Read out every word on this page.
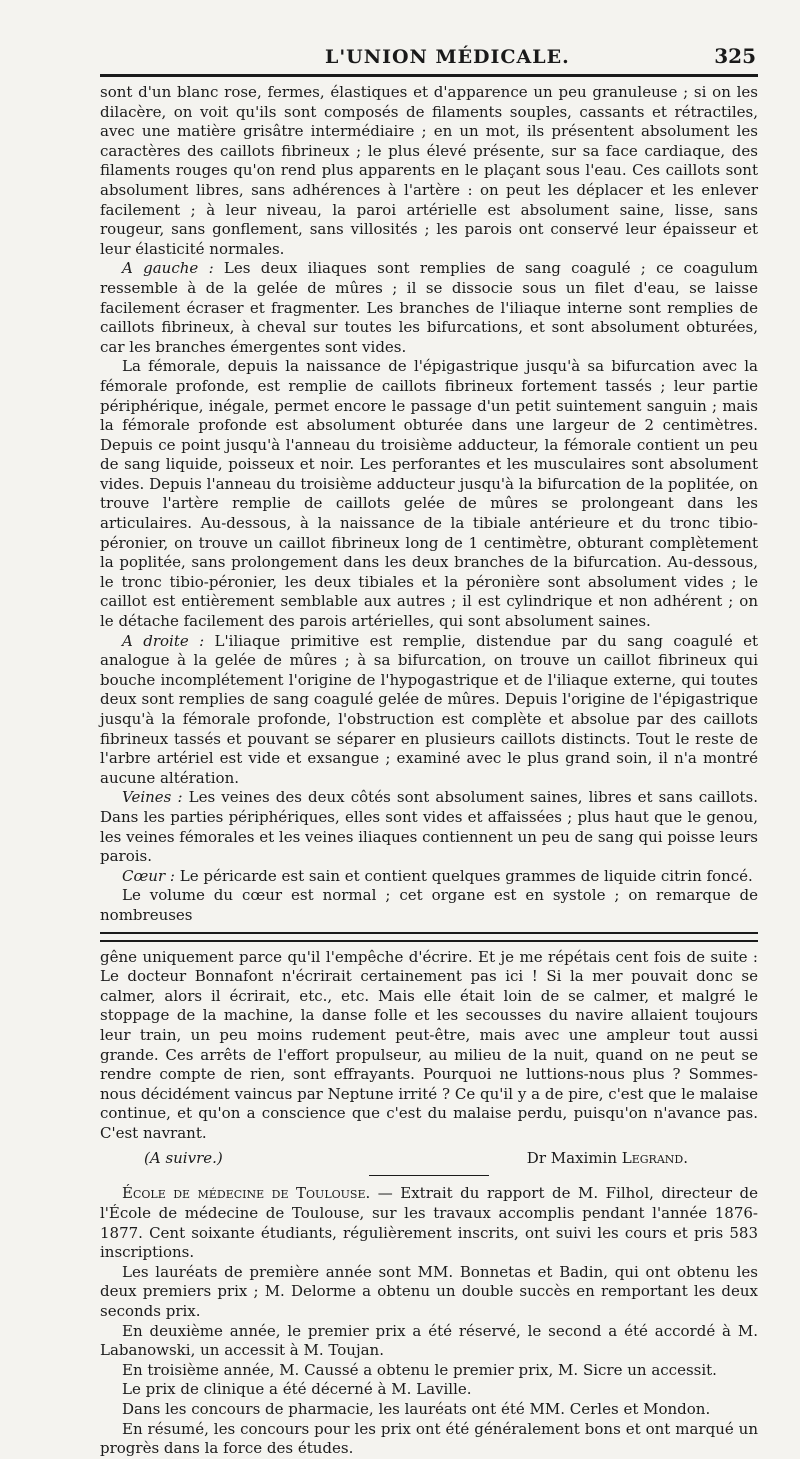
L'UNION MÉDICALE.	325

sont d'un blanc rose, fermes, élastiques et d'apparence un peu granuleuse ; si on les dilacère, on voit qu'ils sont composés de filaments souples, cassants et rétractiles, avec une matière grisâtre intermédiaire ; en un mot, ils présentent absolument les caractères des caillots fibrineux ; le plus élevé présente, sur sa face cardiaque, des filaments rouges qu'on rend plus apparents en le plaçant sous l'eau. Ces caillots sont absolument libres, sans adhérences à l'artère : on peut les déplacer et les enlever facilement ; à leur niveau, la paroi artérielle est absolument saine, lisse, sans rougeur, sans gonflement, sans villosités ; les parois ont conservé leur épaisseur et leur élasticité normales.

A gauche : Les deux iliaques sont remplies de sang coagulé ; ce coagulum ressemble à de la gelée de mûres ; il se dissocie sous un filet d'eau, se laisse facilement écraser et fragmenter. Les branches de l'iliaque interne sont remplies de caillots fibrineux, à cheval sur toutes les bifurcations, et sont absolument obturées, car les branches émergentes sont vides.

La fémorale, depuis la naissance de l'épigastrique jusqu'à sa bifurcation avec la fémorale profonde, est remplie de caillots fibrineux fortement tassés ; leur partie périphérique, inégale, permet encore le passage d'un petit suintement sanguin ; mais la fémorale profonde est absolument obturée dans une largeur de 2 centimètres. Depuis ce point jusqu'à l'anneau du troisième adducteur, la fémorale contient un peu de sang liquide, poisseux et noir. Les perforantes et les musculaires sont absolument vides. Depuis l'anneau du troisième adducteur jusqu'à la bifurcation de la poplitée, on trouve l'artère remplie de caillots gelée de mûres se prolongeant dans les articulaires. Au-dessous, à la naissance de la tibiale antérieure et du tronc tibio-péronier, on trouve un caillot fibrineux long de 1 centimètre, obturant complètement la poplitée, sans prolongement dans les deux branches de la bifurcation. Au-dessous, le tronc tibio-péronier, les deux tibiales et la péronière sont absolument vides ; le caillot est entièrement semblable aux autres ; il est cylindrique et non adhérent ; on le détache facilement des parois artérielles, qui sont absolument saines.

A droite : L'iliaque primitive est remplie, distendue par du sang coagulé et analogue à la gelée de mûres ; à sa bifurcation, on trouve un caillot fibrineux qui bouche incomplétement l'origine de l'hypogastrique et de l'iliaque externe, qui toutes deux sont remplies de sang coagulé gelée de mûres. Depuis l'origine de l'épigastrique jusqu'à la fémorale profonde, l'obstruction est complète et absolue par des caillots fibrineux tassés et pouvant se séparer en plusieurs caillots distincts. Tout le reste de l'arbre artériel est vide et exsangue ; examiné avec le plus grand soin, il n'a montré aucune altération.

Veines : Les veines des deux côtés sont absolument saines, libres et sans caillots. Dans les parties périphériques, elles sont vides et affaissées ; plus haut que le genou, les veines fémorales et les veines iliaques contiennent un peu de sang qui poisse leurs parois.

Cœur : Le péricarde est sain et contient quelques grammes de liquide citrin foncé.

Le volume du cœur est normal ; cet organe est en systole ; on remarque de nombreuses

gêne uniquement parce qu'il l'empêche d'écrire. Et je me répétais cent fois de suite : Le docteur Bonnafont n'écrirait certainement pas ici ! Si la mer pouvait donc se calmer, alors il écrirait, etc., etc. Mais elle était loin de se calmer, et malgré le stoppage de la machine, la danse folle et les secousses du navire allaient toujours leur train, un peu moins rudement peut-être, mais avec une ampleur tout aussi grande. Ces arrêts de l'effort propulseur, au milieu de la nuit, quand on ne peut se rendre compte de rien, sont effrayants. Pourquoi ne luttions-nous plus ? Sommes-nous décidément vaincus par Neptune irrité ? Ce qu'il y a de pire, c'est que le malaise continue, et qu'on a conscience que c'est du malaise perdu, puisqu'on n'avance pas. C'est navrant.

(A suivre.)	Dr Maximin Legrand.

École de médecine de Toulouse. — Extrait du rapport de M. Filhol, directeur de l'École de médecine de Toulouse, sur les travaux accomplis pendant l'année 1876-1877. Cent soixante étudiants, régulièrement inscrits, ont suivi les cours et pris 583 inscriptions.

Les lauréats de première année sont MM. Bonnetas et Badin, qui ont obtenu les deux premiers prix ; M. Delorme a obtenu un double succès en remportant les deux seconds prix.

En deuxième année, le premier prix a été réservé, le second a été accordé à M. Labanowski, un accessit à M. Toujan.

En troisième année, M. Caussé a obtenu le premier prix, M. Sicre un accessit.

Le prix de clinique a été décerné à M. Laville.

Dans les concours de pharmacie, les lauréats ont été MM. Cerles et Mondon.

En résumé, les concours pour les prix ont été généralement bons et ont marqué un progrès dans la force des études.
